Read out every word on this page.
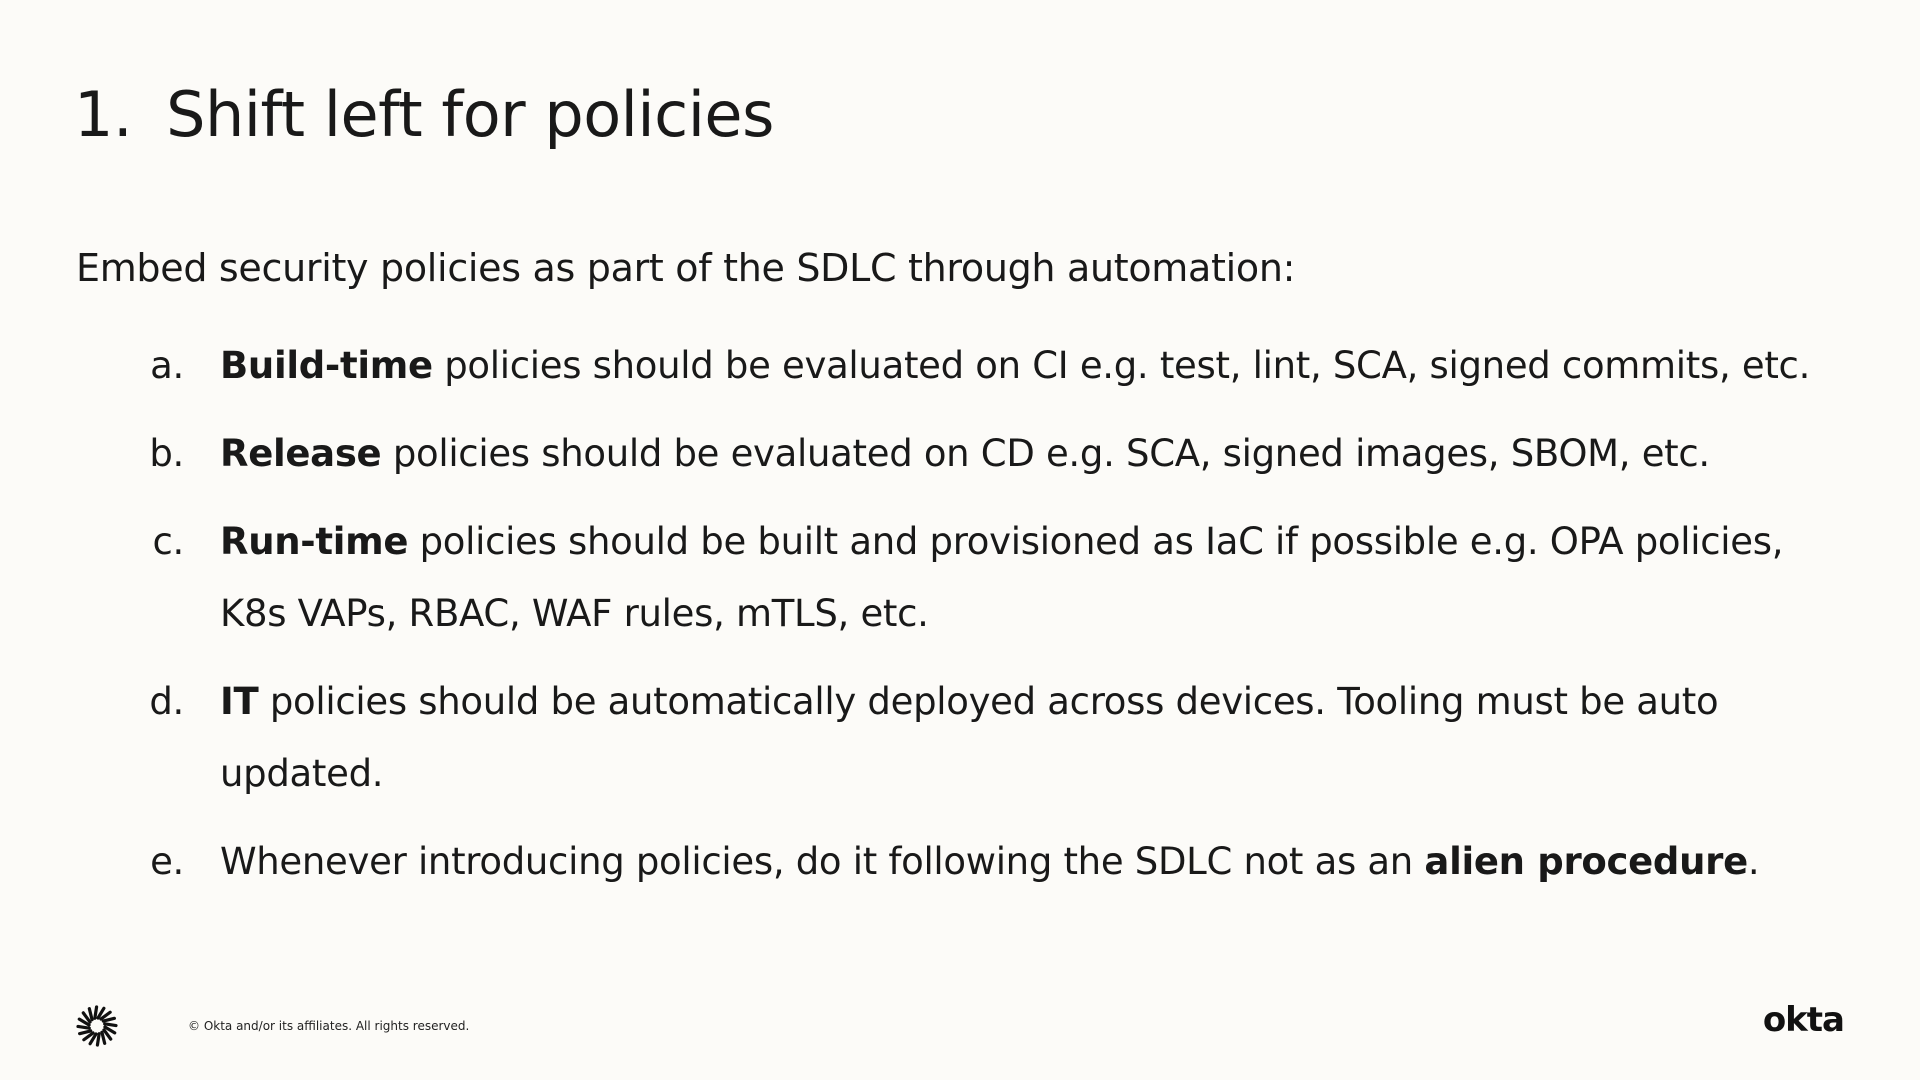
1. Shift left for policies

Embed security policies as part of the SDLC through automation:

a. Build-time policies should be evaluated on CI e.g. test, lint, SCA, signed commits, etc.
b. Release policies should be evaluated on CD e.g. SCA, signed images, SBOM, etc.
c. Run-time policies should be built and provisioned as IaC if possible e.g. OPA policies, K8s VAPs, RBAC, WAF rules, mTLS, etc.
d. IT policies should be automatically deployed across devices. Tooling must be auto updated.
e. Whenever introducing policies, do it following the SDLC not as an alien procedure.
© Okta and/or its affiliates. All rights reserved.	okta
